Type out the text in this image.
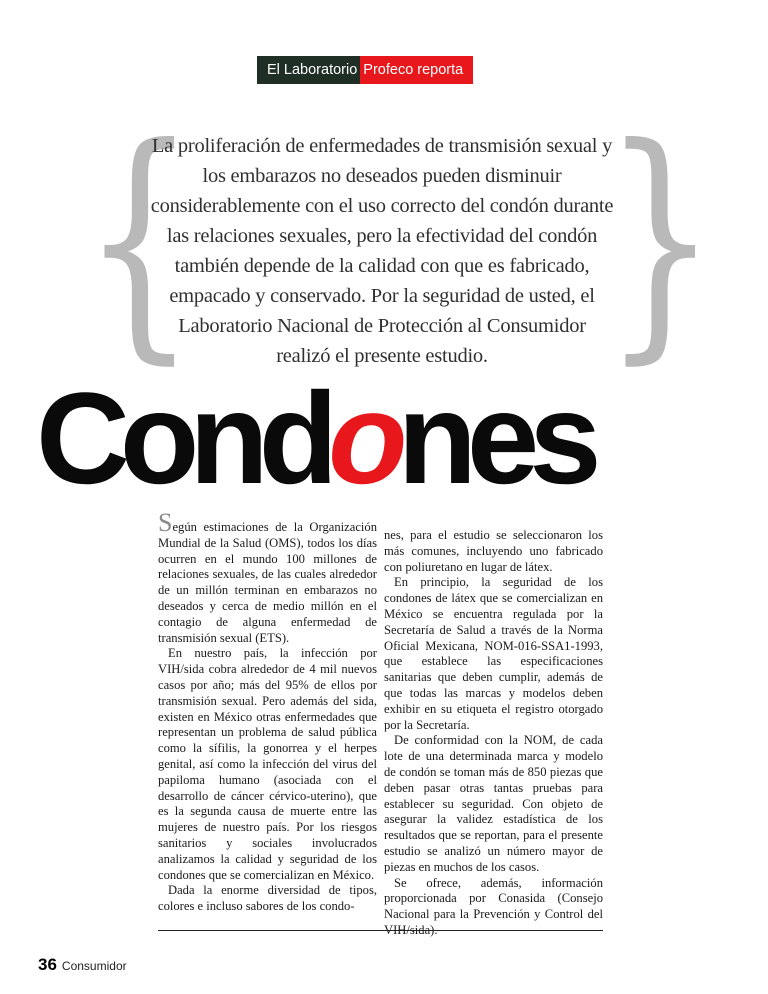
El Laboratorio Profeco reporta
{ }

La proliferación de enfermedades de transmisión sexual y los embarazos no deseados pueden disminuir considerablemente con el uso correcto del condón durante las relaciones sexuales, pero la efectividad del condón también depende de la calidad con que es fabricado, empacado y conservado. Por la seguridad de usted, el Laboratorio Nacional de Protección al Consumidor realizó el presente estudio.

Condones

Según estimaciones de la Organización Mundial de la Salud (OMS), todos los días ocurren en el mundo 100 millones de relaciones sexuales, de las cuales alrededor de un millón terminan en embarazos no deseados y cerca de medio millón en el contagio de alguna enfermedad de transmisión sexual (ETS).

En nuestro país, la infección por VIH/sida cobra alrededor de 4 mil nuevos casos por año; más del 95% de ellos por transmisión sexual. Pero además del sida, existen en México otras enfermedades que representan un problema de salud pública como la sífilis, la gonorrea y el herpes genital, así como la infección del virus del papiloma humano (asociada con el desarrollo de cáncer cérvico-uterino), que es la segunda causa de muerte entre las mujeres de nuestro país. Por los riesgos sanitarios y sociales involucrados analizamos la calidad y seguridad de los condones que se comercializan en México.

Dada la enorme diversidad de tipos, colores e incluso sabores de los condo-

nes, para el estudio se seleccionaron los más comunes, incluyendo uno fabricado con poliuretano en lugar de látex.

En principio, la seguridad de los condones de látex que se comercializan en México se encuentra regulada por la Secretaría de Salud a través de la Norma Oficial Mexicana, NOM-016-SSA1-1993, que establece las especificaciones sanitarias que deben cumplir, además de que todas las marcas y modelos deben exhibir en su etiqueta el registro otorgado por la Secretaría.

De conformidad con la NOM, de cada lote de una determinada marca y modelo de condón se toman más de 850 piezas que deben pasar otras tantas pruebas para establecer su seguridad. Con objeto de asegurar la validez estadística de los resultados que se reportan, para el presente estudio se analizó un número mayor de piezas en muchos de los casos.

Se ofrece, además, información proporcionada por Conasida (Consejo Nacional para la Prevención y Control del VIH/sida).

36 Consumidor
